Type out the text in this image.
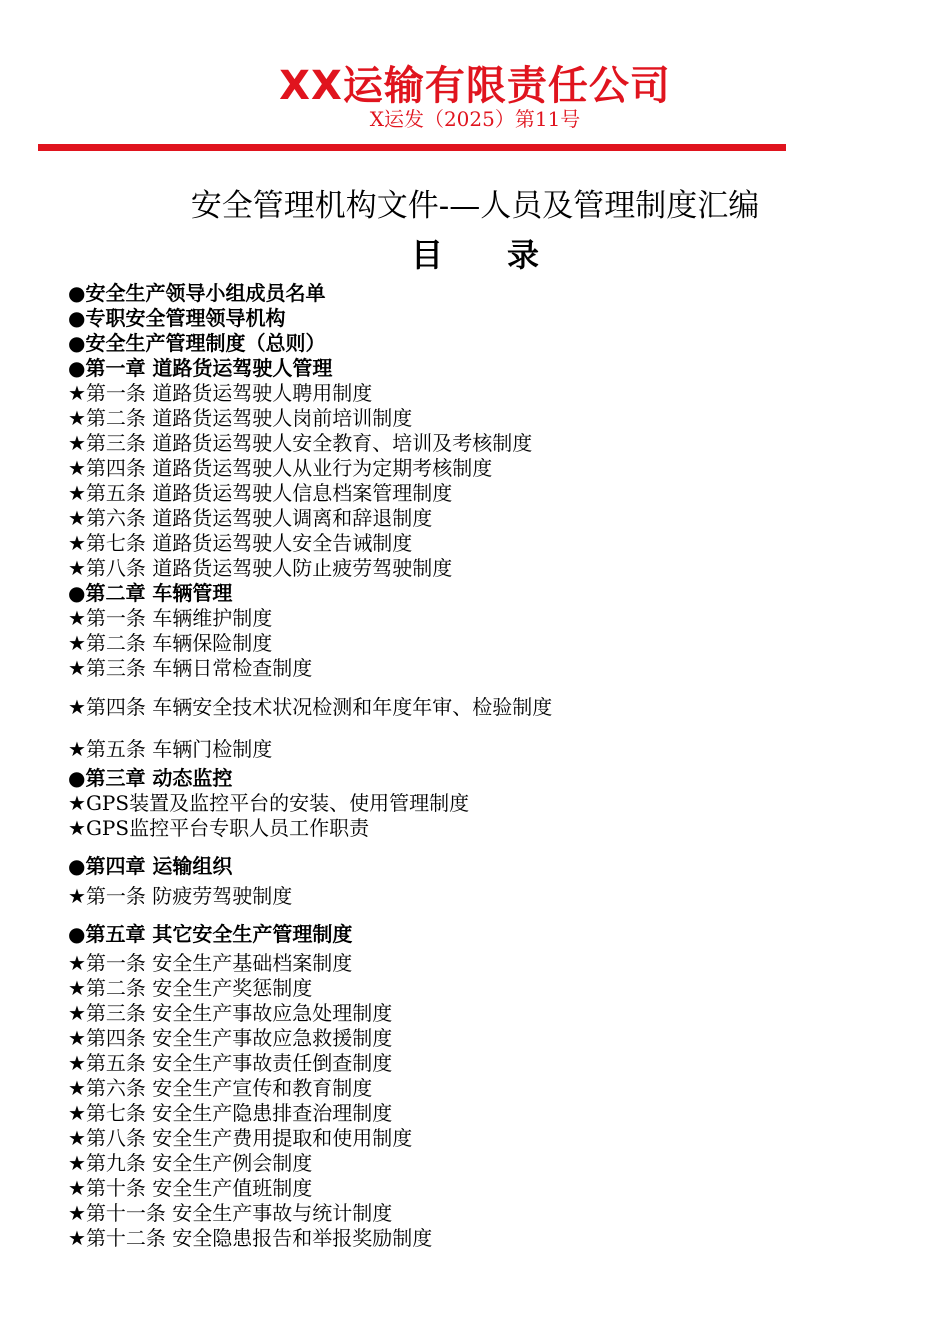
XX运输有限责任公司
X运发（2025）第11号
安全管理机构文件-—人员及管理制度汇编
目 录
●安全生产领导小组成员名单
●专职安全管理领导机构
●安全生产管理制度（总则）
●第一章 道路货运驾驶人管理
★第一条 道路货运驾驶人聘用制度
★第二条 道路货运驾驶人岗前培训制度
★第三条 道路货运驾驶人安全教育、培训及考核制度
★第四条 道路货运驾驶人从业行为定期考核制度
★第五条 道路货运驾驶人信息档案管理制度
★第六条 道路货运驾驶人调离和辞退制度
★第七条 道路货运驾驶人安全告诫制度
★第八条 道路货运驾驶人防止疲劳驾驶制度
●第二章 车辆管理
★第一条 车辆维护制度
★第二条 车辆保险制度
★第三条 车辆日常检查制度
★第四条 车辆安全技术状况检测和年度年审、检验制度
★第五条 车辆门检制度
●第三章 动态监控
★GPS装置及监控平台的安装、使用管理制度
★GPS监控平台专职人员工作职责
●第四章 运输组织
★第一条 防疲劳驾驶制度
●第五章 其它安全生产管理制度
★第一条 安全生产基础档案制度
★第二条 安全生产奖惩制度
★第三条 安全生产事故应急处理制度
★第四条 安全生产事故应急救援制度
★第五条 安全生产事故责任倒查制度
★第六条 安全生产宣传和教育制度
★第七条 安全生产隐患排查治理制度
★第八条 安全生产费用提取和使用制度
★第九条 安全生产例会制度
★第十条 安全生产值班制度
★第十一条 安全生产事故与统计制度
★第十二条 安全隐患报告和举报奖励制度
